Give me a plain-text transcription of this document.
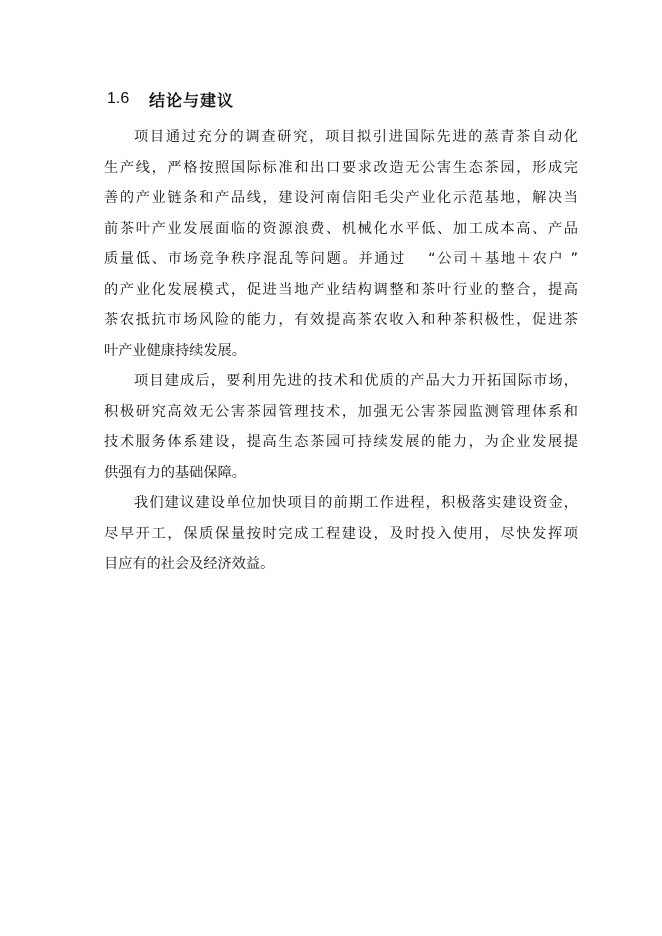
1.6	结论与建议
项目通过充分的调查研究，项目拟引进国际先进的蒸青茶自动化
生产线，严格按照国际标准和出口要求改造无公害生态茶园，形成完
善的产业链条和产品线，建设河南信阳毛尖产业化示范基地，解决当
前茶叶产业发展面临的资源浪费、机械化水平低、加工成本高、产品
质量低、市场竞争秩序混乱等问题。并通过　 “公司＋基地＋农户 ”
的产业化发展模式，促进当地产业结构调整和茶叶行业的整合，提高
茶农抵抗市场风险的能力，有效提高茶农收入和种茶积极性，促进茶
叶产业健康持续发展。
项目建成后，要利用先进的技术和优质的产品大力开拓国际市场，
积极研究高效无公害茶园管理技术，加强无公害茶园监测管理体系和
技术服务体系建设，提高生态茶园可持续发展的能力，为企业发展提
供强有力的基础保障。
我们建议建设单位加快项目的前期工作进程，积极落实建设资金，
尽早开工，保质保量按时完成工程建设，及时投入使用，尽快发挥项
目应有的社会及经济效益。
